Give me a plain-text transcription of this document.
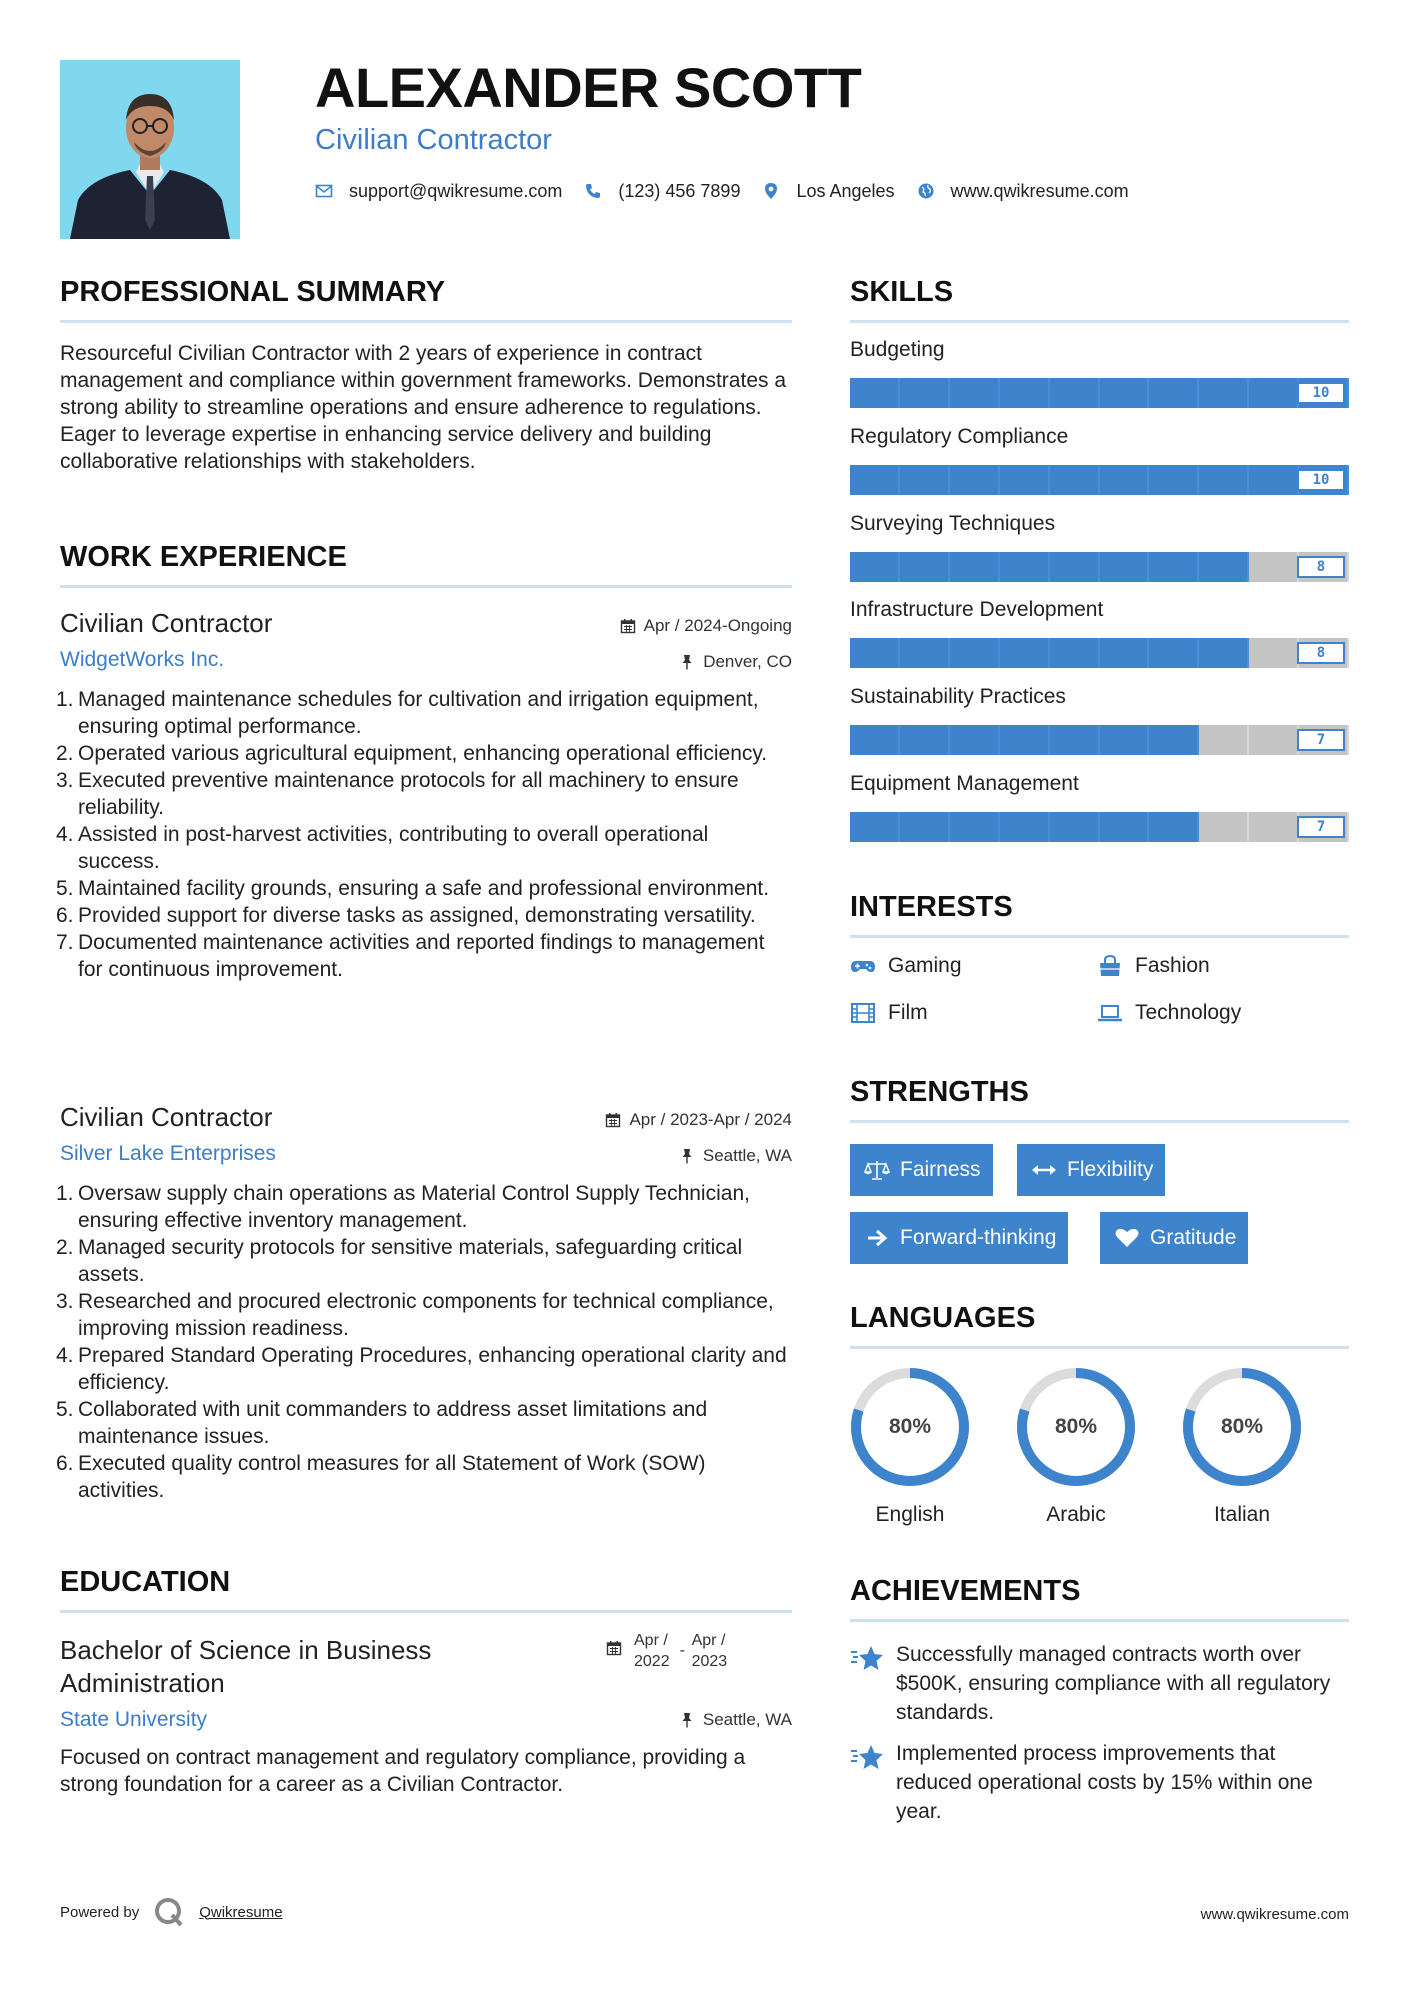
ALEXANDER SCOTT
Civilian Contractor
support@qwikresume.com	(123) 456 7899	Los Angeles	www.qwikresume.com
PROFESSIONAL SUMMARY
Resourceful Civilian Contractor with 2 years of experience in contract management and compliance within government frameworks. Demonstrates a strong ability to streamline operations and ensure adherence to regulations. Eager to leverage expertise in enhancing service delivery and building collaborative relationships with stakeholders.
WORK EXPERIENCE
Civilian Contractor
WidgetWorks Inc.
Apr / 2024-Ongoing
Denver, CO
1. Managed maintenance schedules for cultivation and irrigation equipment, ensuring optimal performance.
2. Operated various agricultural equipment, enhancing operational efficiency.
3. Executed preventive maintenance protocols for all machinery to ensure reliability.
4. Assisted in post-harvest activities, contributing to overall operational success.
5. Maintained facility grounds, ensuring a safe and professional environment.
6. Provided support for diverse tasks as assigned, demonstrating versatility.
7. Documented maintenance activities and reported findings to management for continuous improvement.
Civilian Contractor
Silver Lake Enterprises
Apr / 2023-Apr / 2024
Seattle, WA
1. Oversaw supply chain operations as Material Control Supply Technician, ensuring effective inventory management.
2. Managed security protocols for sensitive materials, safeguarding critical assets.
3. Researched and procured electronic components for technical compliance, improving mission readiness.
4. Prepared Standard Operating Procedures, enhancing operational clarity and efficiency.
5. Collaborated with unit commanders to address asset limitations and maintenance issues.
6. Executed quality control measures for all Statement of Work (SOW) activities.
EDUCATION
Bachelor of Science in Business Administration
Apr /
2022
- Apr /
2023
State University	Seattle, WA
Focused on contract management and regulatory compliance, providing a strong foundation for a career as a Civilian Contractor.
SKILLS
Budgeting
10
Regulatory Compliance
10
Surveying Techniques
8
Infrastructure Development
8
Sustainability Practices
7
Equipment Management
7
INTERESTS
Gaming	Fashion
Film	Technology
STRENGTHS
Fairness	Flexibility
Forward-thinking	Gratitude
LANGUAGES
80%
English
80%
Arabic
80%
Italian
ACHIEVEMENTS
Successfully managed contracts worth over $500K, ensuring compliance with all regulatory standards.
Implemented process improvements that reduced operational costs by 15% within one year.
Powered by	Qwikresume	www.qwikresume.com
